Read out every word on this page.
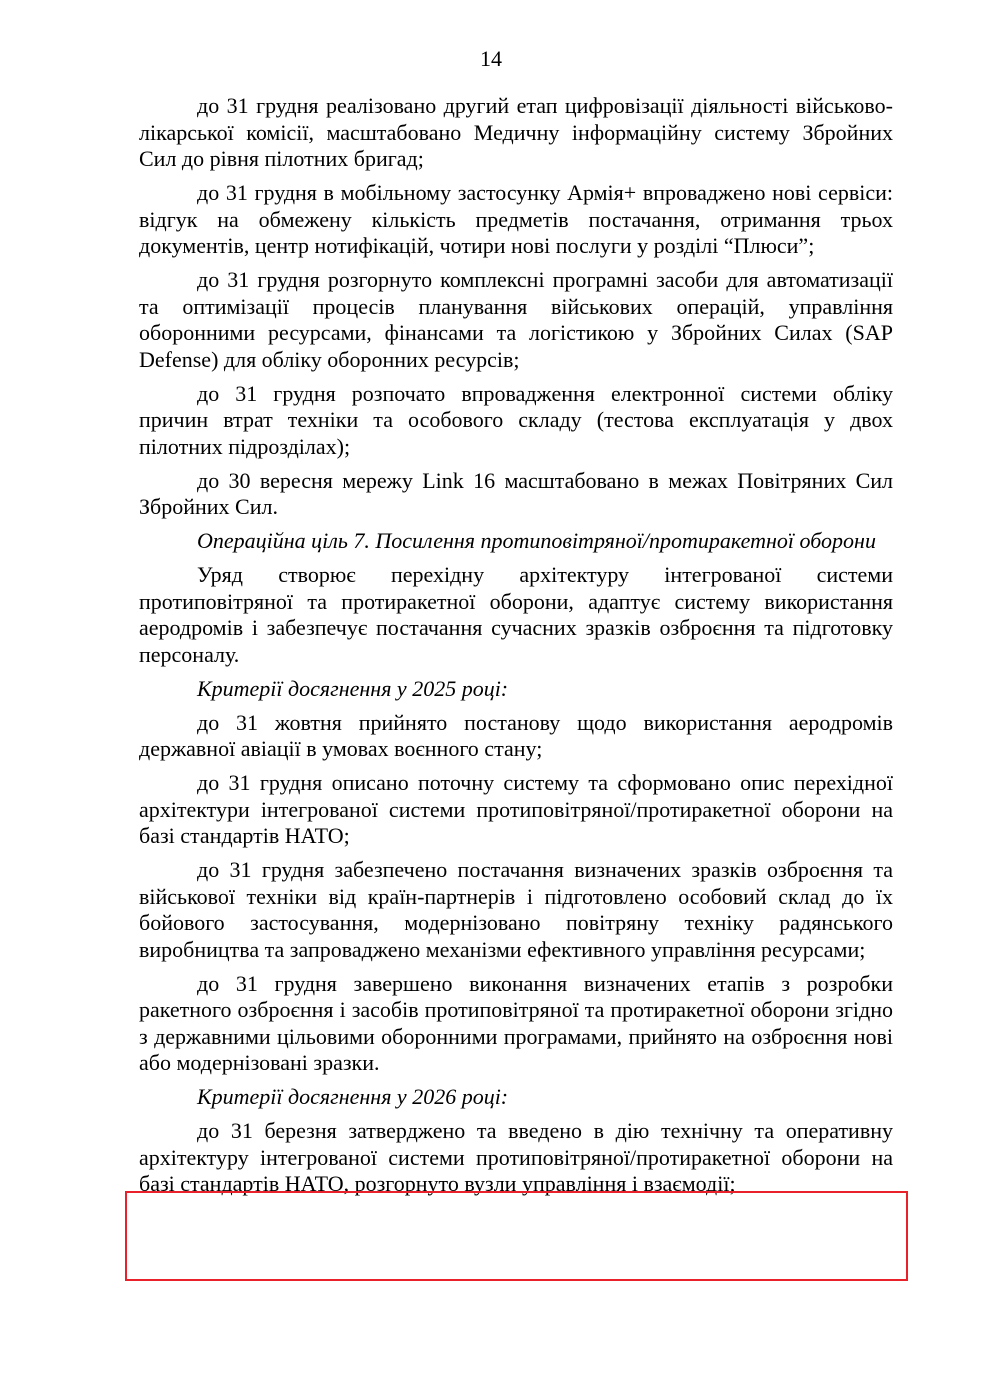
14

до 31 грудня реалізовано другий етап цифровізації діяльності військово-лікарської комісії, масштабовано Медичну інформаційну систему Збройних Сил до рівня пілотних бригад;

до 31 грудня в мобільному застосунку Армія+ впроваджено нові сервіси: відгук на обмежену кількість предметів постачання, отримання трьох документів, центр нотифікацій, чотири нові послуги у розділі “Плюси”;

до 31 грудня розгорнуто комплексні програмні засоби для автоматизації та оптимізації процесів планування військових операцій, управління оборонними ресурсами, фінансами та логістикою у Збройних Силах (SAP Defense) для обліку оборонних ресурсів;

до 31 грудня розпочато впровадження електронної системи обліку причин втрат техніки та особового складу (тестова експлуатація у двох пілотних підрозділах);

до 30 вересня мережу Link 16 масштабовано в межах Повітряних Сил Збройних Сил.

Операційна ціль 7. Посилення протиповітряної/протиракетної оборони

Уряд створює перехідну архітектуру інтегрованої системи протиповітряної та протиракетної оборони, адаптує систему використання аеродромів і забезпечує постачання сучасних зразків озброєння та підготовку персоналу.

Критерії досягнення у 2025 році:

до 31 жовтня прийнято постанову щодо використання аеродромів державної авіації в умовах воєнного стану;

до 31 грудня описано поточну систему та сформовано опис перехідної архітектури інтегрованої системи протиповітряної/протиракетної оборони на базі стандартів НАТО;

до 31 грудня забезпечено постачання визначених зразків озброєння та військової техніки від країн-партнерів і підготовлено особовий склад до їх бойового застосування, модернізовано повітряну техніку радянського виробництва та запроваджено механізми ефективного управління ресурсами;

до 31 грудня завершено виконання визначених етапів з розробки ракетного озброєння і засобів протиповітряної та протиракетної оборони згідно з державними цільовими оборонними програмами, прийнято на озброєння нові або модернізовані зразки.

Критерії досягнення у 2026 році:

до 31 березня затверджено та введено в дію технічну та оперативну архітектуру інтегрованої системи протиповітряної/протиракетної оборони на базі стандартів НАТО, розгорнуто вузли управління і взаємодії;
